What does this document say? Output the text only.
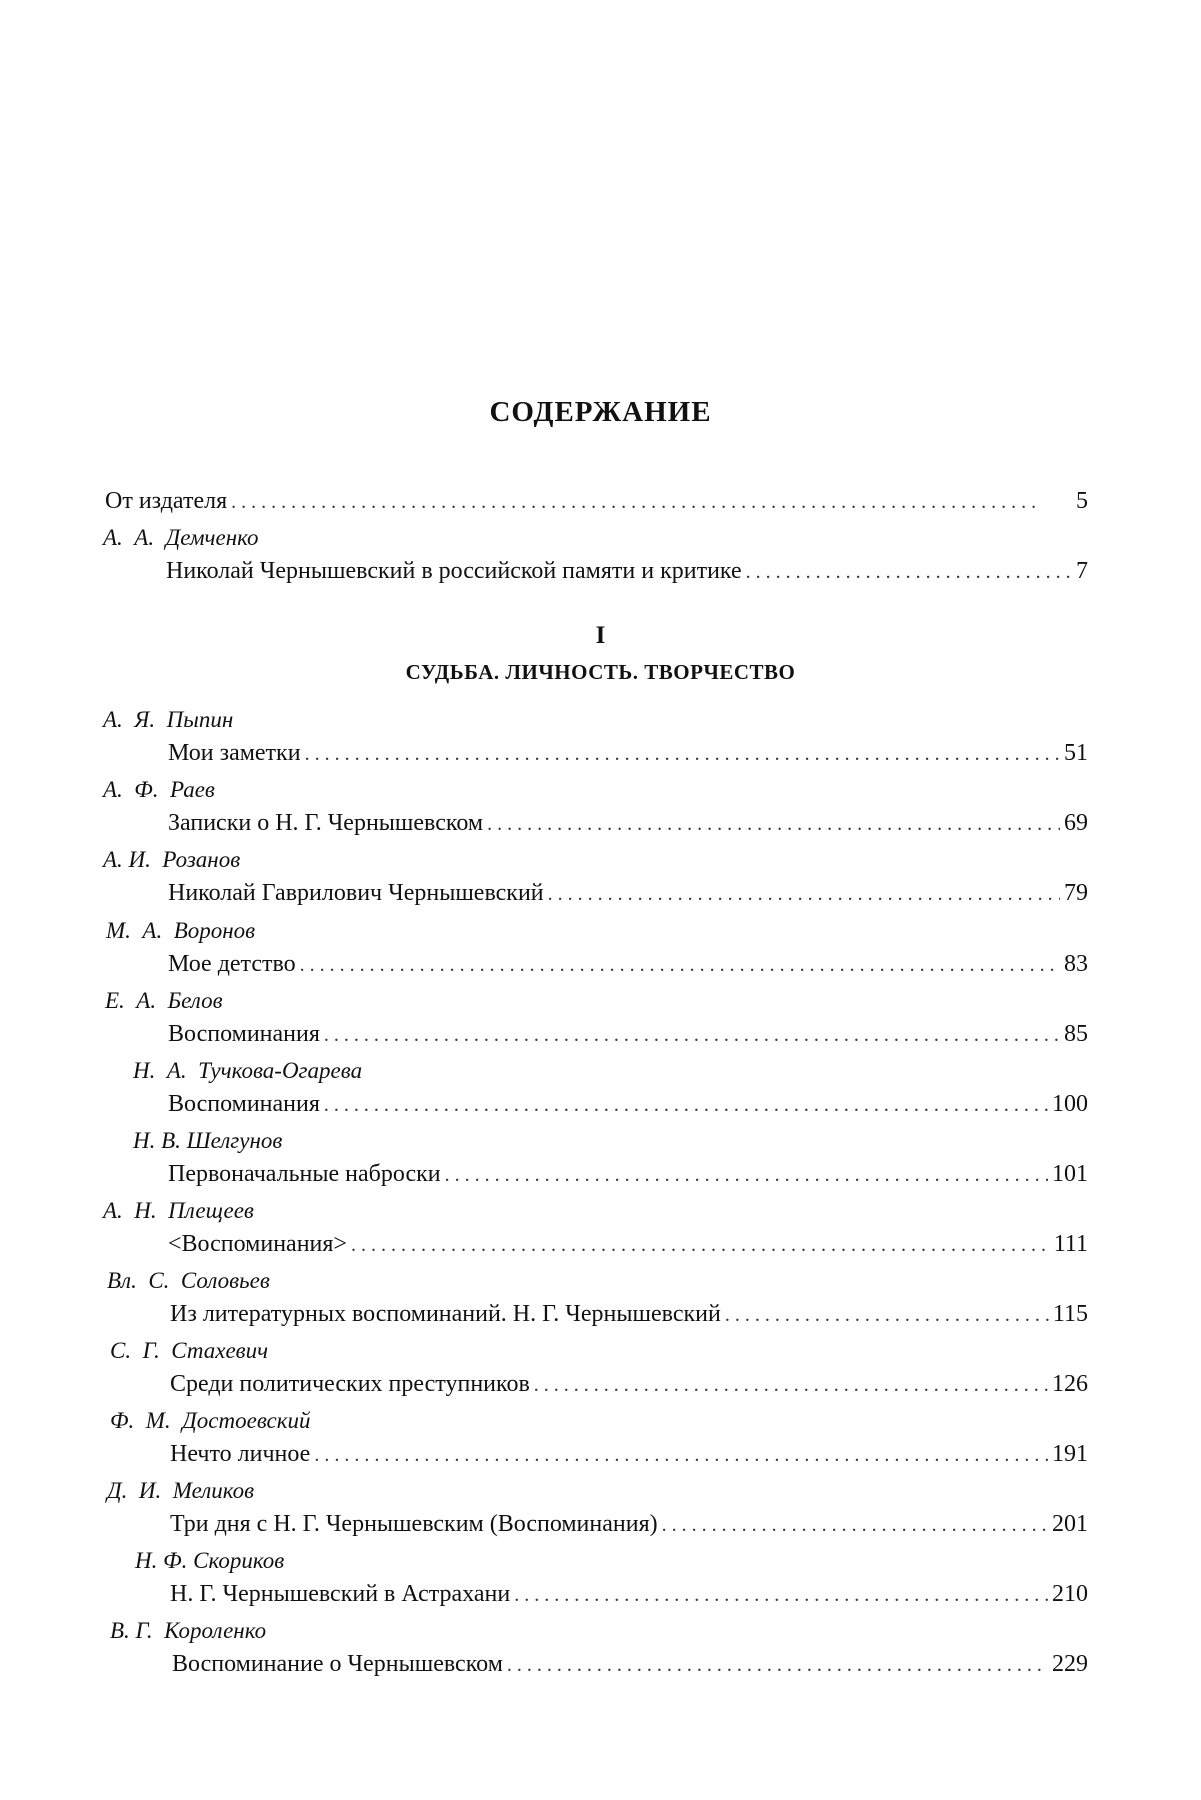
СОДЕРЖАНИЕ
От издателя . . .	5
А.  А.  Демченко
Николай Чернышевский в российской памяти и критике . . .	7
I
СУДЬБА. ЛИЧНОСТЬ. ТВОРЧЕСТВО
А.  Я.  Пыпин
Мои заметки . . .	51
А.  Ф.  Раев
Записки о Н. Г. Чернышевском . . .	69
А. И.  Розанов
Николай Гаврилович Чернышевский . . .	79
М.  А.  Воронов
Мое детство . . .	83
Е.  А.  Белов
Воспоминания . . .	85
Н.  А.  Тучкова-Огарева
Воспоминания . . .	100
Н. В. Шелгунов
Первоначальные наброски . . .	101
А.  Н.  Плещеев
<Воспоминания> . . .	111
Вл.  С.  Соловьев
Из литературных воспоминаний. Н. Г. Чернышевский . . .	115
С.  Г.  Стахевич
Среди политических преступников . . .	126
Ф.  М.  Достоевский
Нечто личное . . .	191
Д.  И.  Меликов
Три дня с Н. Г. Чернышевским (Воспоминания) . . .	201
Н. Ф. Скориков
Н. Г. Чернышевский в Астрахани . . .	210
В. Г.  Короленко
Воспоминание о Чернышевском . . .	229
